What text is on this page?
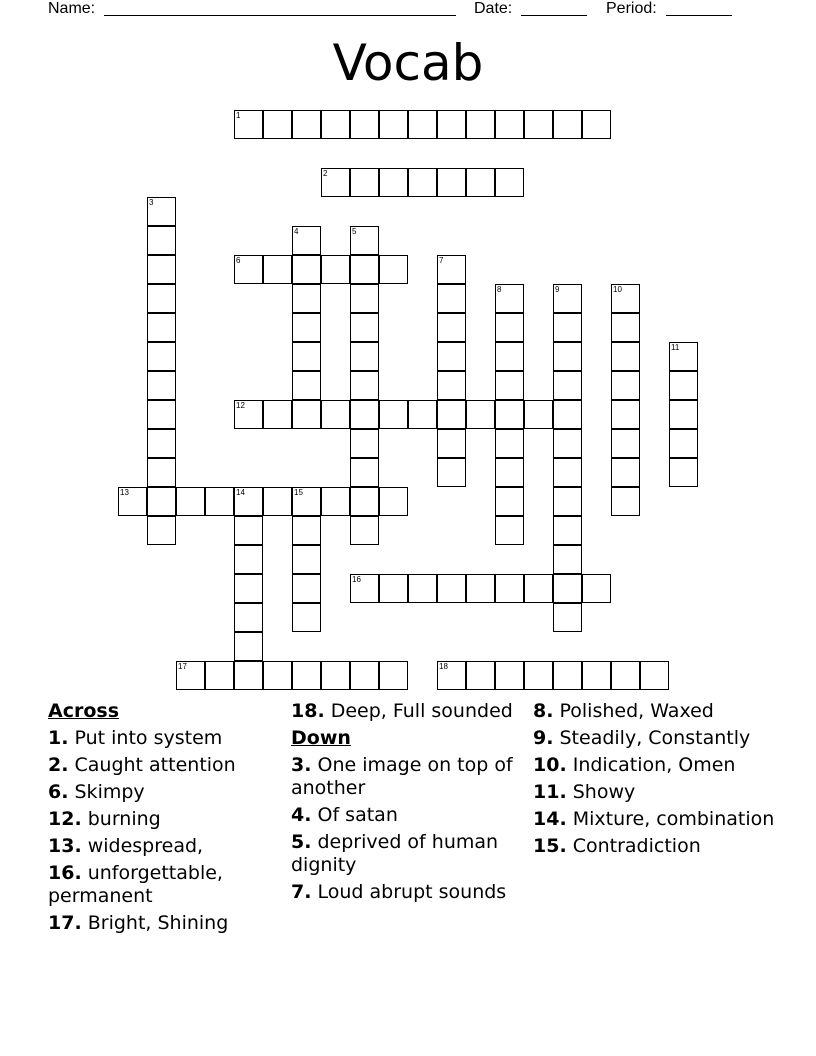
Name:	Date:	Period:
Vocab
1
2
3
4	5
6	7
8	9	10
11
12
13	14	15
16
17	18
Across
1. Put into system
2. Caught attention
6. Skimpy
12. burning
13. widespread,
16. unforgettable, permanent
17. Bright, Shining
18. Deep, Full sounded
Down
3. One image on top of another
4. Of satan
5. deprived of human dignity
7. Loud abrupt sounds
8. Polished, Waxed
9. Steadily, Constantly
10. Indication, Omen
11. Showy
14. Mixture, combination
15. Contradiction
